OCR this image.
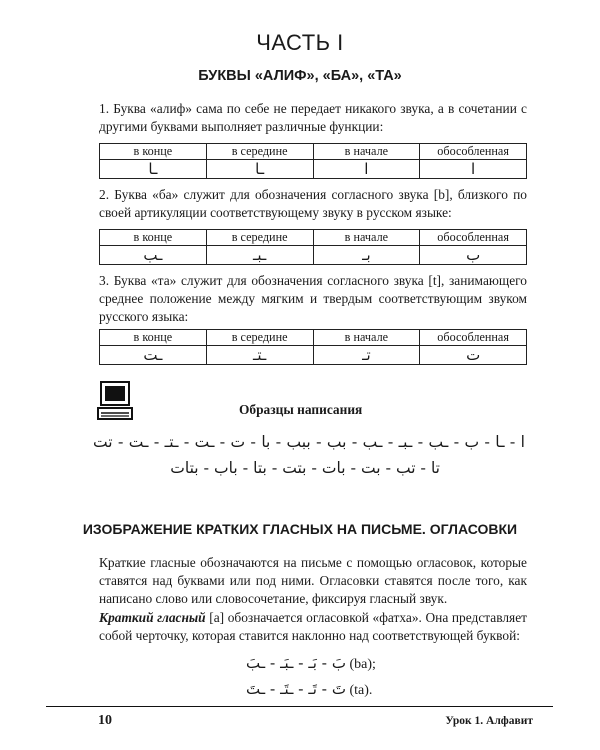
ЧАСТЬ I
БУКВЫ «АЛИФ», «БА», «ТА»
1. Буква «алиф» сама по себе не передает никакого звука, а в сочетании с другими буквами выполняет различные функции:
в конце	в середине	в начале	обособленная
ـا	ـا	ا	ا
2. Буква «ба» служит для обозначения согласного звука [b], близкого по своей артикуляции соответствующему звуку в русском языке:
в конце	в середине	в начале	обособленная
ـب	ـبـ	بـ	ب
3. Буква «та» служит для обозначения согласного звука [t], занимающего среднее положение между мягким и твердым соответствующим звуком русского языка:
в конце	в середине	в начале	обособленная
ـت	ـتـ	تـ	ت
Образцы написания
ا - ـا - ب - ـب - ـبـ - ـب - بب - ببب - با - ت - ـت - ـتـ - ـت - تت
تا - تب - بت - بات - بتت - بتا - باب - بتات
ИЗОБРАЖЕНИЕ КРАТКИХ ГЛАСНЫХ НА ПИСЬМЕ. ОГЛАСОВКИ
Краткие гласные обозначаются на письме с помощью огласовок, которые ставятся над буквами или под ними. Огласовки ставятся после того, как написано слово или словосочетание, фиксируя гласный звук.
Краткий гласный [a] обозначается огласовкой «фатха». Она представляет собой черточку, которая ставится наклонно над соответствующей буквой:
بَ - بَـ - ـبَـ - ـبَ (ba);
تَ - تَـ - ـتَـ - ـتَ (ta).
10	Урок 1. Алфавит
